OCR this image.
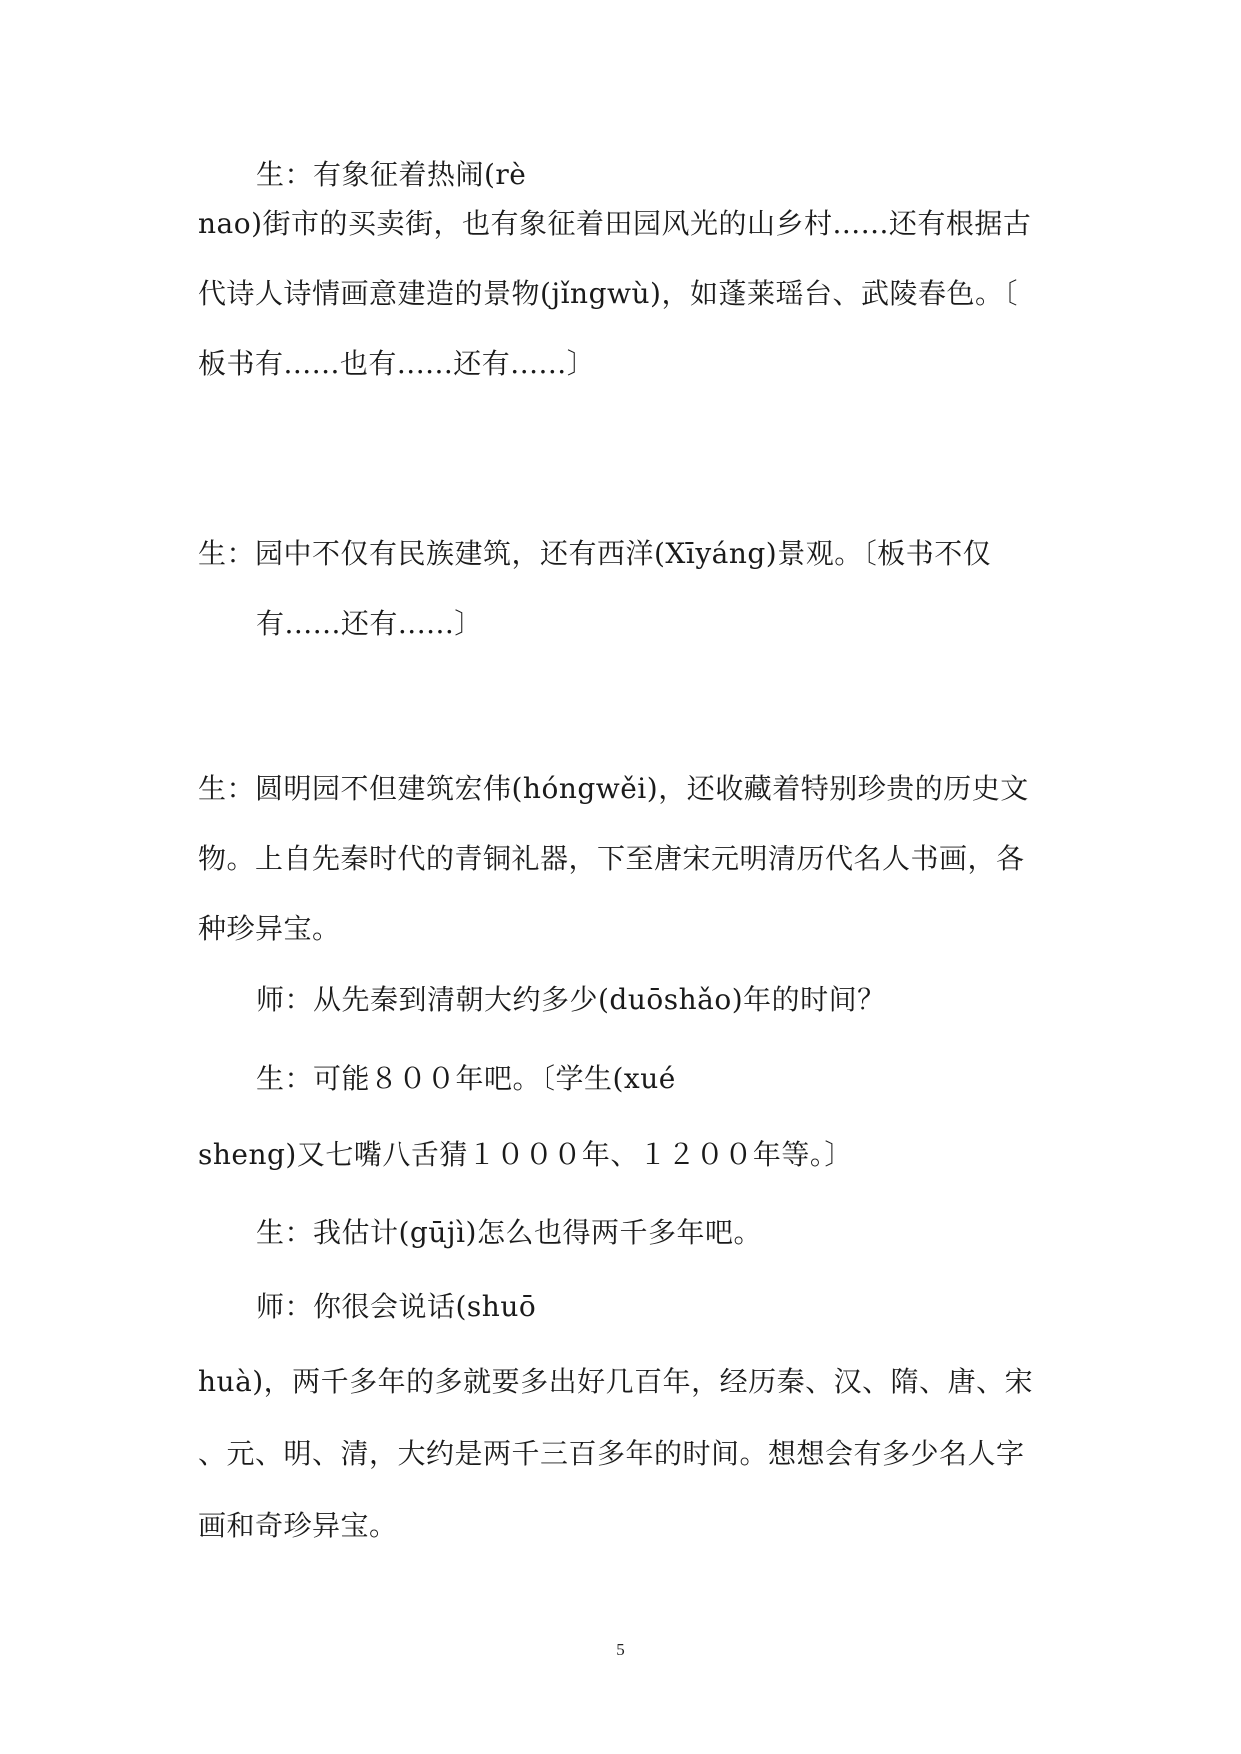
生：有象征着热闹(rè
nao)街市的买卖街，也有象征着田园风光的山乡村......还有根据古
代诗人诗情画意建造的景物(jǐngwù)，如蓬莱瑶台、武陵春色。〔
板书有......也有......还有......〕
生：园中不仅有民族建筑，还有西洋(Xīyáng)景观。〔板书不仅
有......还有......〕
生：圆明园不但建筑宏伟(hóngwěi)，还收藏着特别珍贵的历史文
物。上自先秦时代的青铜礼器，下至唐宋元明清历代名人书画，各
种珍异宝。
师：从先秦到清朝大约多少(duōshǎo)年的时间？
生：可能８００年吧。〔学生(xué
sheng)又七嘴八舌猜１０００年、１２００年等。〕
生：我估计(gūjì)怎么也得两千多年吧。
师：你很会说话(shuō
huà)，两千多年的多就要多出好几百年，经历秦、汉、隋、唐、宋
、元、明、清，大约是两千三百多年的时间。想想会有多少名人字
画和奇珍异宝。
5
